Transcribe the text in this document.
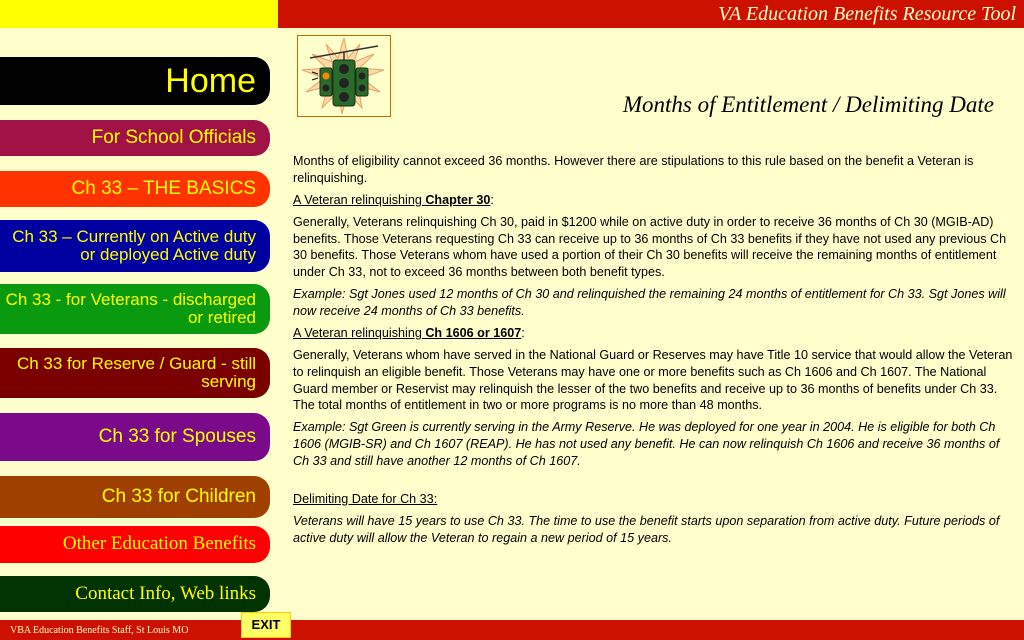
VA Education Benefits Resource Tool
Home
For School Officials
Ch 33 – THE BASICS
Ch 33 – Currently on Active duty or deployed Active duty
Ch 33 - for Veterans - discharged or retired
Ch 33 for Reserve / Guard - still serving
Ch 33 for Spouses
Ch 33 for Children
Other Education Benefits
Contact Info, Web links
Months of Entitlement / Delimiting Date

Months of eligibility cannot exceed 36 months. However there are stipulations to this rule based on the benefit a Veteran is relinquishing.

A Veteran relinquishing Chapter 30:

Generally, Veterans relinquishing Ch 30, paid in $1200 while on active duty in order to receive 36 months of Ch 30 (MGIB-AD) benefits. Those Veterans requesting Ch 33 can receive up to 36 months of Ch 33 benefits if they have not used any previous Ch 30 benefits. Those Veterans whom have used a portion of their Ch 30 benefits will receive the remaining months of entitlement under Ch 33, not to exceed 36 months between both benefit types.

Example: Sgt Jones used 12 months of Ch 30 and relinquished the remaining 24 months of entitlement for Ch 33. Sgt Jones will now receive 24 months of Ch 33 benefits.

A Veteran relinquishing Ch 1606 or 1607:

Generally, Veterans whom have served in the National Guard or Reserves may have Title 10 service that would allow the Veteran to relinquish an eligible benefit. Those Veterans may have one or more benefits such as Ch 1606 and Ch 1607. The National Guard member or Reservist may relinquish the lesser of the two benefits and receive up to 36 months of benefits under Ch 33. The total months of entitlement in two or more programs is no more than 48 months.

Example: Sgt Green is currently serving in the Army Reserve. He was deployed for one year in 2004. He is eligible for both Ch 1606 (MGIB-SR) and Ch 1607 (REAP). He has not used any benefit. He can now relinquish Ch 1606 and receive 36 months of Ch 33 and still have another 12 months of Ch 1607.

Delimiting Date for Ch 33:

Veterans will have 15 years to use Ch 33. The time to use the benefit starts upon separation from active duty. Future periods of active duty will allow the Veteran to regain a new period of 15 years.

VBA Education Benefits Staff, St Louis MO	EXIT
